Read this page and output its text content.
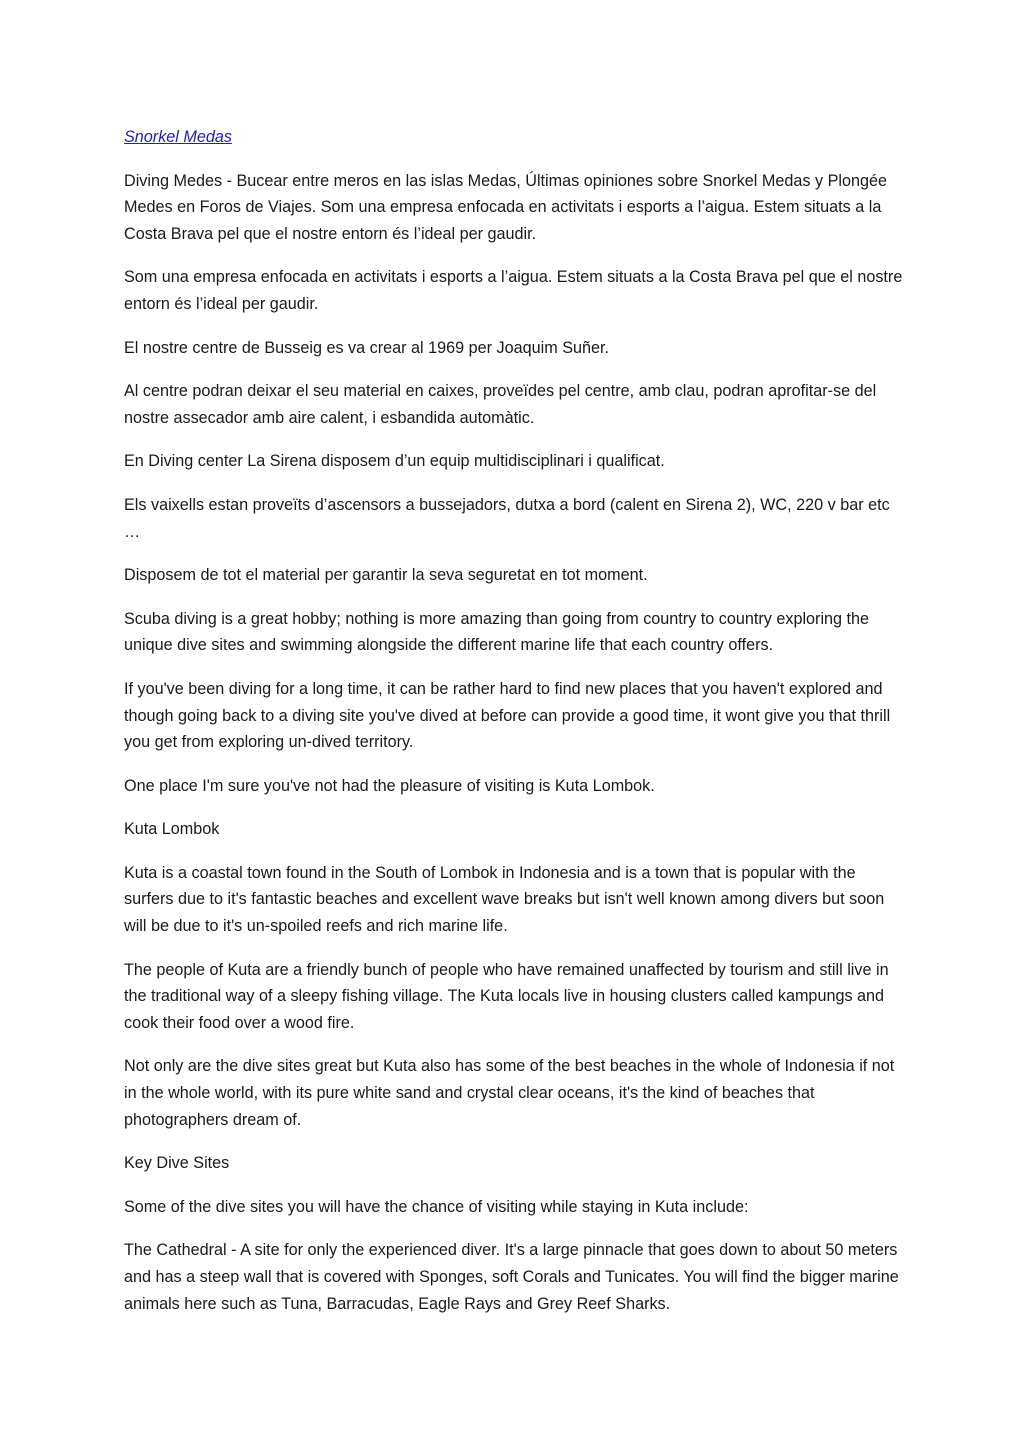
Snorkel Medas

Diving Medes - Bucear entre meros en las islas Medas, Últimas opiniones sobre Snorkel Medas y Plongée Medes en Foros de Viajes. Som una empresa enfocada en activitats i esports a l’aigua. Estem situats a la Costa Brava pel que el nostre entorn és l’ideal per gaudir.

Som una empresa enfocada en activitats i esports a l’aigua. Estem situats a la Costa Brava pel que el nostre entorn és l’ideal per gaudir.

El nostre centre de Busseig es va crear al 1969 per Joaquim Suñer.

Al centre podran deixar el seu material en caixes, proveïdes pel centre, amb clau, podran aprofitar-se del nostre assecador amb aire calent, i esbandida automàtic.

En Diving center La Sirena disposem d’un equip multidisciplinari i qualificat.

Els vaixells estan proveïts d’ascensors a bussejadors, dutxa a bord (calent en Sirena 2), WC, 220 v bar etc …

Disposem de tot el material per garantir la seva seguretat en tot moment.

Scuba diving is a great hobby; nothing is more amazing than going from country to country exploring the unique dive sites and swimming alongside the different marine life that each country offers.

If you've been diving for a long time, it can be rather hard to find new places that you haven't explored and though going back to a diving site you've dived at before can provide a good time, it wont give you that thrill you get from exploring un-dived territory.

One place I'm sure you've not had the pleasure of visiting is Kuta Lombok.

Kuta Lombok

Kuta is a coastal town found in the South of Lombok in Indonesia and is a town that is popular with the surfers due to it's fantastic beaches and excellent wave breaks but isn't well known among divers but soon will be due to it's un-spoiled reefs and rich marine life.

The people of Kuta are a friendly bunch of people who have remained unaffected by tourism and still live in the traditional way of a sleepy fishing village. The Kuta locals live in housing clusters called kampungs and cook their food over a wood fire.

Not only are the dive sites great but Kuta also has some of the best beaches in the whole of Indonesia if not in the whole world, with its pure white sand and crystal clear oceans, it's the kind of beaches that photographers dream of.

Key Dive Sites

Some of the dive sites you will have the chance of visiting while staying in Kuta include:

The Cathedral - A site for only the experienced diver. It's a large pinnacle that goes down to about 50 meters and has a steep wall that is covered with Sponges, soft Corals and Tunicates. You will find the bigger marine animals here such as Tuna, Barracudas, Eagle Rays and Grey Reef Sharks.
